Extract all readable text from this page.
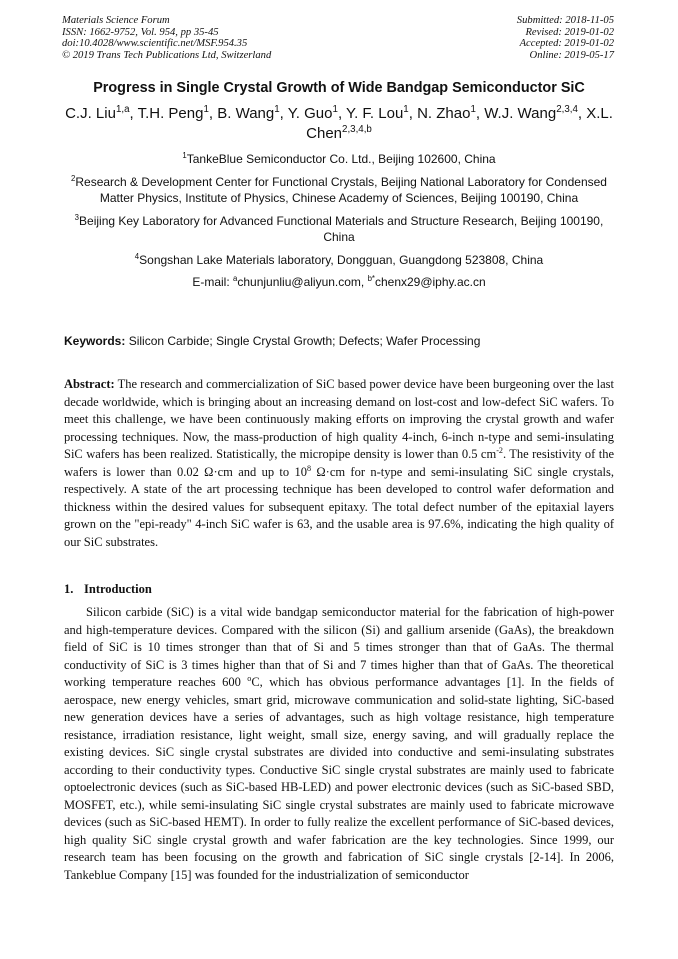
Materials Science Forum
ISSN: 1662-9752, Vol. 954, pp 35-45
doi:10.4028/www.scientific.net/MSF.954.35
© 2019 Trans Tech Publications Ltd, Switzerland
Submitted: 2018-11-05
Revised: 2019-01-02
Accepted: 2019-01-02
Online: 2019-05-17
Progress in Single Crystal Growth of Wide Bandgap Semiconductor SiC
C.J. Liu$^{1,a}$, T.H. Peng$^1$, B. Wang$^1$, Y. Guo$^1$, Y. F. Lou$^1$, N. Zhao$^1$, W.J. Wang$^{2,3,4}$, X.L. Chen$^{2,3,4,b}$

$^1$TankeBlue Semiconductor Co. Ltd., Beijing 102600, China

$^2$Research & Development Center for Functional Crystals, Beijing National Laboratory for Condensed Matter Physics, Institute of Physics, Chinese Academy of Sciences, Beijing 100190, China

$^3$Beijing Key Laboratory for Advanced Functional Materials and Structure Research, Beijing 100190, China

$^4$Songshan Lake Materials laboratory, Dongguan, Guangdong 523808, China

E-mail: $^a$chunjunliu@aliyun.com, $^{b*}$chenx29@iphy.ac.cn

Keywords: Silicon Carbide; Single Crystal Growth; Defects; Wafer Processing
Abstract: The research and commercialization of SiC based power device have been burgeoning over the last decade worldwide, which is bringing about an increasing demand on lost-cost and low-defect SiC wafers. To meet this challenge, we have been continuously making efforts on improving the crystal growth and wafer processing techniques. Now, the mass-production of high quality 4-inch, 6-inch n-type and semi-insulating SiC wafers has been realized. Statistically, the micropipe density is lower than 0.5 $cm^{-2}$. The resistivity of the wafers is lower than 0.02 Ω·cm and up to $10^8$ Ω·cm for n-type and semi-insulating SiC single crystals, respectively. A state of the art processing technique has been developed to control wafer deformation and thickness within the desired values for subsequent epitaxy. The total defect number of the epitaxial layers grown on the "epi-ready" 4-inch SiC wafer is 63, and the usable area is 97.6%, indicating the high quality of our SiC substrates.
1. Introduction
Silicon carbide (SiC) is a vital wide bandgap semiconductor material for the fabrication of high-power and high-temperature devices. Compared with the silicon (Si) and gallium arsenide (GaAs), the breakdown field of SiC is 10 times stronger than that of Si and 5 times stronger than that of GaAs. The thermal conductivity of SiC is 3 times higher than that of Si and 7 times higher than that of GaAs. The theoretical working temperature reaches 600 $^o$C, which has obvious performance advantages [1]. In the fields of aerospace, new energy vehicles, smart grid, microwave communication and solid-state lighting, SiC-based new generation devices have a series of advantages, such as high voltage resistance, high temperature resistance, irradiation resistance, light weight, small size, energy saving, and will gradually replace the existing devices. SiC single crystal substrates are divided into conductive and semi-insulating substrates according to their conductivity types. Conductive SiC single crystal substrates are mainly used to fabricate optoelectronic devices (such as SiC-based HB-LED) and power electronic devices (such as SiC-based SBD, MOSFET, etc.), while semi-insulating SiC single crystal substrates are mainly used to fabricate microwave devices (such as SiC-based HEMT). In order to fully realize the excellent performance of SiC-based devices, high quality SiC single crystal growth and wafer fabrication are the key technologies. Since 1999, our research team has been focusing on the growth and fabrication of SiC single crystals [2-14]. In 2006, Tankeblue Company [15] was founded for the industrialization of semiconductor
